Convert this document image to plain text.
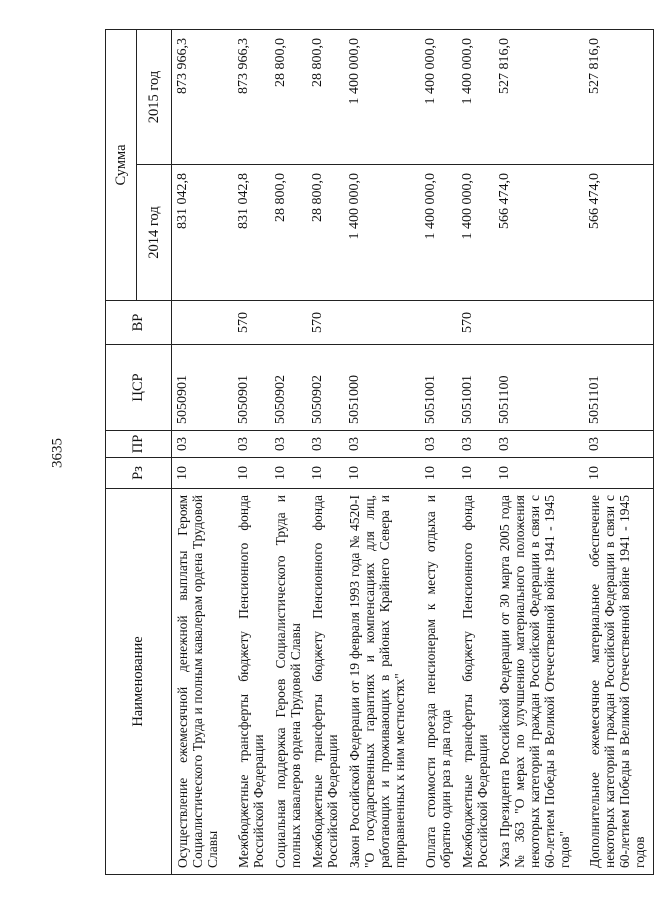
3635
Наименование	Рз	ПР	ЦСР	ВР	Сумма	
					2014 год	2015 год
Осуществление ежемесячной денежной выплаты Героям Социалистического Труда и полным кавалерам ордена Трудовой Славы	10	03	5050901		831 042,8	873 966,3
Межбюджетные трансферты бюджету Пенсионного фонда Российской Федерации	10	03	5050901	570	831 042,8	873 966,3
Социальная поддержка Героев Социалистического Труда и полных кавалеров ордена Трудовой Славы	10	03	5050902		28 800,0	28 800,0
Межбюджетные трансферты бюджету Пенсионного фонда Российской Федерации	10	03	5050902	570	28 800,0	28 800,0
Закон Российской Федерации от 19 февраля 1993 года № 4520-I "О государственных гарантиях и компенсациях для лиц, работающих и проживающих в районах Крайнего Севера и приравненных к ним местностях"	10	03	5051000		1 400 000,0	1 400 000,0
Оплата стоимости проезда пенсионерам к месту отдыха и обратно один раз в два года	10	03	5051001		1 400 000,0	1 400 000,0
Межбюджетные трансферты бюджету Пенсионного фонда Российской Федерации	10	03	5051001	570	1 400 000,0	1 400 000,0
Указ Президента Российской Федерации от 30 марта 2005 года № 363 "О мерах по улучшению материального положения некоторых категорий граждан Российской Федерации в связи с 60-летием Победы в Великой Отечественной войне 1941 - 1945 годов"	10	03	5051100		566 474,0	527 816,0
Дополнительное ежемесячное материальное обеспечение некоторых категорий граждан Российской Федерации в связи с 60-летием Победы в Великой Отечественной войне 1941 - 1945 годов	10	03	5051101		566 474,0	527 816,0
